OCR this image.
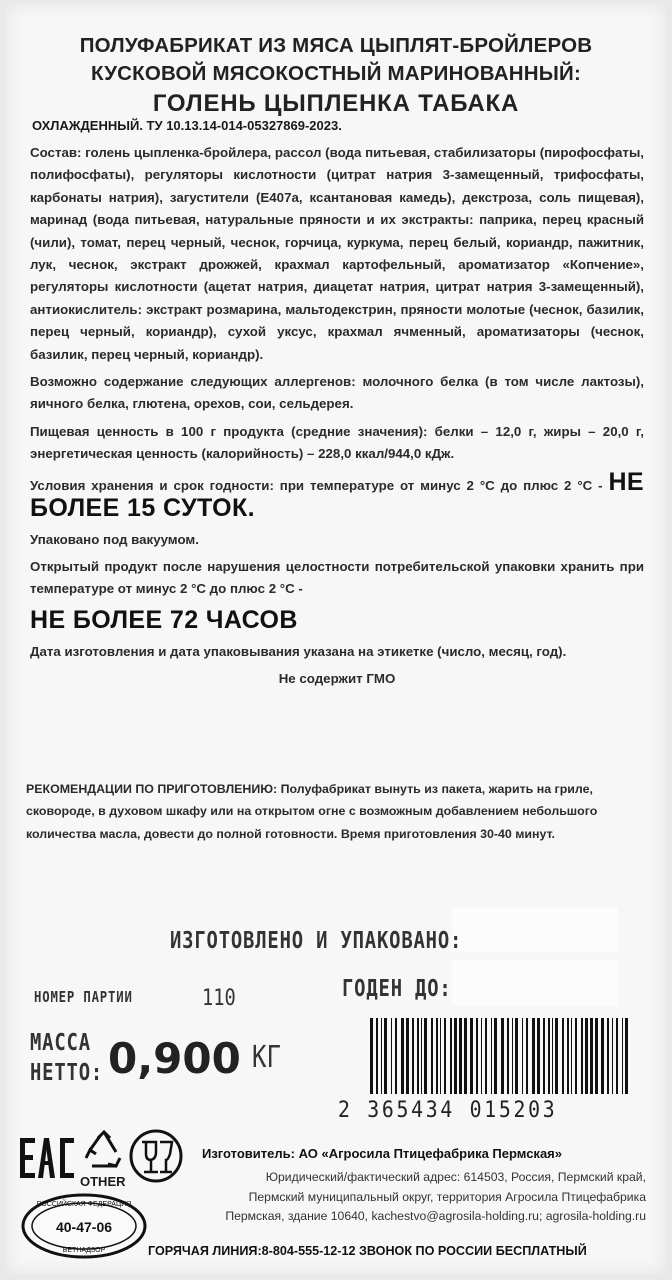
ПОЛУФАБРИКАТ ИЗ МЯСА ЦЫПЛЯТ-БРОЙЛЕРОВ
КУСКОВОЙ МЯСОКОСТНЫЙ МАРИНОВАННЫЙ:
ГОЛЕНЬ ЦЫПЛЕНКА ТАБАКА
ОХЛАЖДЕННЫЙ. ТУ 10.13.14-014-05327869-2023.

Состав: голень цыпленка-бройлера, рассол (вода питьевая, стабилизаторы (пирофосфаты, полифосфаты), регуляторы кислотности (цитрат натрия 3-замещенный, трифосфаты, карбонаты натрия), загустители (Е407а, ксантановая камедь), декстроза, соль пищевая), маринад (вода питьевая, натуральные пряности и их экстракты: паприка, перец красный (чили), томат, перец черный, чеснок, горчица, куркума, перец белый, кориандр, пажитник, лук, чеснок, экстракт дрожжей, крахмал картофельный, ароматизатор «Копчение», регуляторы кислотности (ацетат натрия, диацетат натрия, цитрат натрия 3-замещенный), антиокислитель: экстракт розмарина, мальтодекстрин, пряности молотые (чеснок, базилик, перец черный, кориандр), сухой уксус, крахмал ячменный, ароматизаторы (чеснок, базилик, перец черный, кориандр).

Возможно содержание следующих аллергенов: молочного белка (в том числе лактозы), яичного белка, глютена, орехов, сои, сельдерея.

Пищевая ценность в 100 г продукта (средние значения): белки – 12,0 г, жиры – 20,0 г, энергетическая ценность (калорийность) – 228,0 ккал/944,0 кДж.

Условия хранения и срок годности: при температуре от минус 2 °С до плюс 2 °С - НЕ БОЛЕЕ 15 СУТОК.

Упаковано под вакуумом.

Открытый продукт после нарушения целостности потребительской упаковки хранить при температуре от минус 2 °С до плюс 2 °С -
НЕ БОЛЕЕ 72 ЧАСОВ

Дата изготовления и дата упаковывания указана на этикетке (число, месяц, год).

Не содержит ГМО

РЕКОМЕНДАЦИИ ПО ПРИГОТОВЛЕНИЮ: Полуфабрикат вынуть из пакета, жарить на гриле, сковороде, в духовом шкафу или на открытом огне с возможным добавлением небольшого количества масла, довести до полной готовности. Время приготовления 30-40 минут.
ИЗГОТОВЛЕНО И УПАКОВАНО:
ГОДЕН ДО:
НОМЕР ПАРТИИ	110
МАССА
НЕТТО: 0,900 КГ
2 365434 015203
OTHER
РОССИЙСКАЯ ФЕДЕРАЦИЯ
40-47-06
ВЕТНАДЗОР
Изготовитель: АО «Агросила Птицефабрика Пермская»
Юридический/фактический адрес: 614503, Россия, Пермский край,
Пермский муниципальный округ, территория Агросила Птицефабрика
Пермская, здание 10640, kachestvo@agrosila-holding.ru; agrosila-holding.ru
ГОРЯЧАЯ ЛИНИЯ:8-804-555-12-12 ЗВОНОК ПО РОССИИ БЕСПЛАТНЫЙ
